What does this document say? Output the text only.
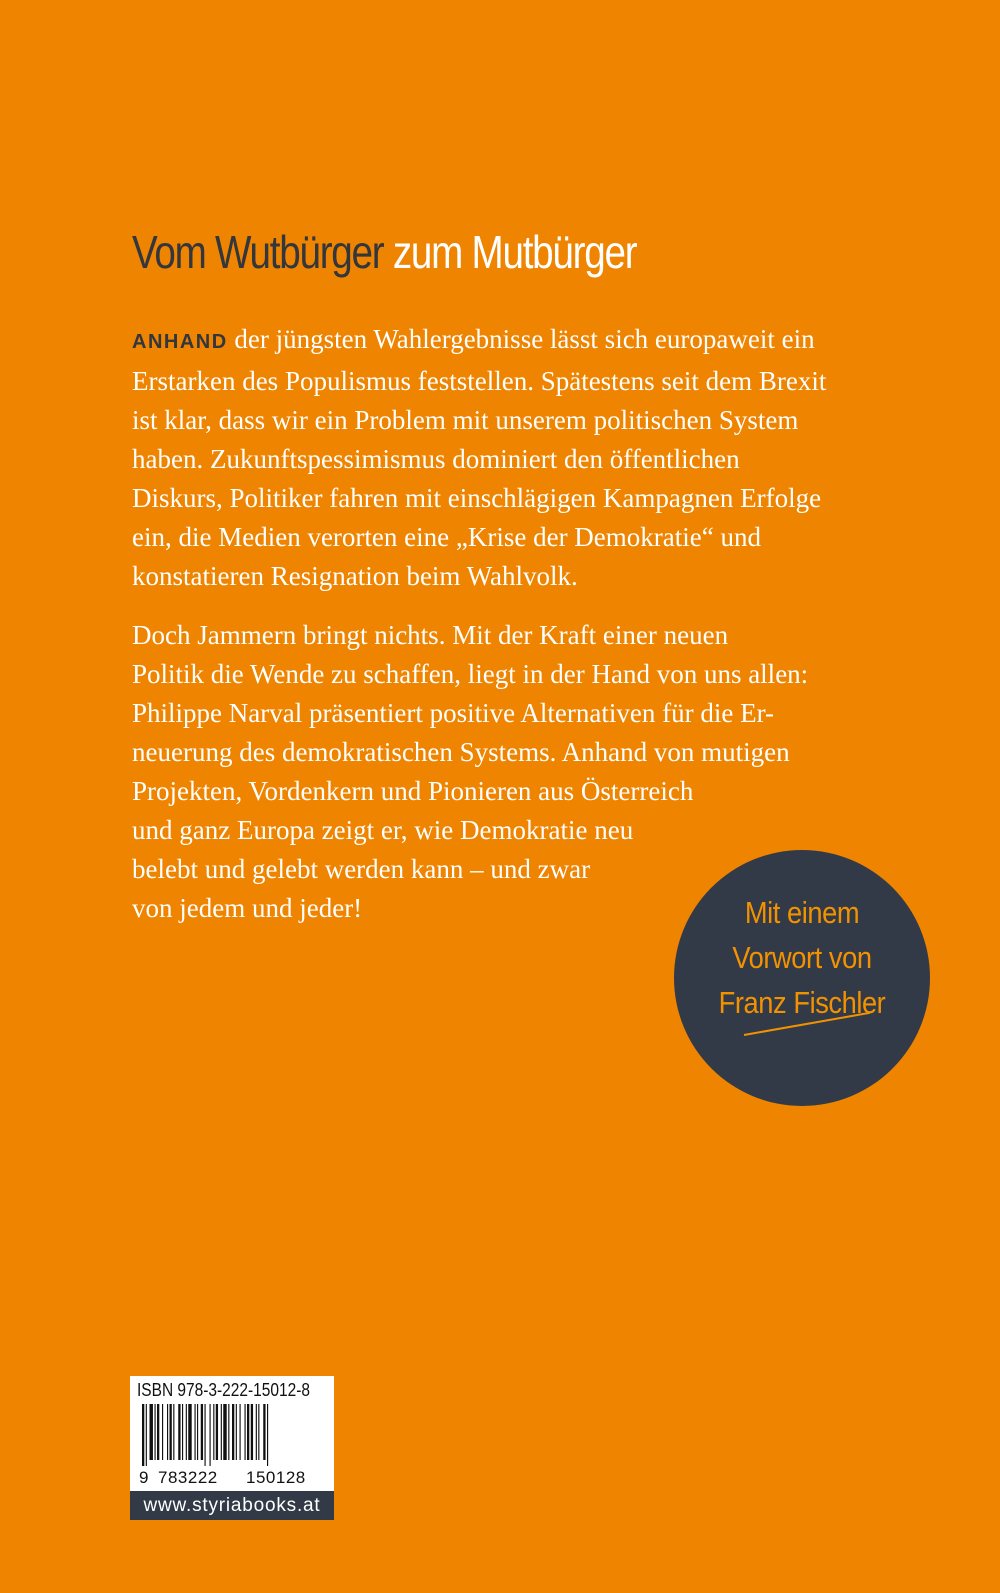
Vom Wutbürger zum Mutbürger

ANHAND der jüngsten Wahlergebnisse lässt sich europaweit ein
Erstarken des Populismus feststellen. Spätestens seit dem Brexit
ist klar, dass wir ein Problem mit unserem politischen System
haben. Zukunftspessimismus dominiert den öffentlichen
Diskurs, Politiker fahren mit einschlägigen Kampagnen Erfolge
ein, die Medien verorten eine „Krise der Demokratie“ und
konstatieren Resignation beim Wahlvolk.

Doch Jammern bringt nichts. Mit der Kraft einer neuen
Politik die Wende zu schaffen, liegt in der Hand von uns allen:
Philippe Narval präsentiert positive Alternativen für die Er-
neuerung des demokratischen Systems. Anhand von mutigen
Projekten, Vordenkern und Pionieren aus Österreich
und ganz Europa zeigt er, wie Demokratie neu
belebt und gelebt werden kann – und zwar
von jedem und jeder!	Mit einem
Vorwort von
Franz Fischler
ISBN 978-3-222-15012-8
9 783222 150128
www.styriabooks.at
